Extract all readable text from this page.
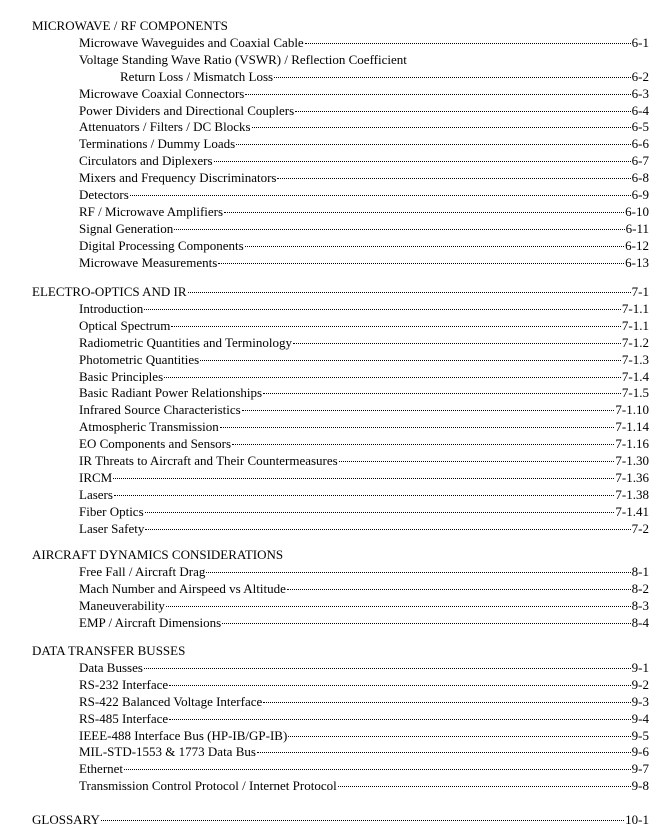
MICROWAVE / RF COMPONENTS
Microwave Waveguides and Coaxial Cable	6-1
Voltage Standing Wave Ratio (VSWR) / Reflection Coefficient
Return Loss / Mismatch Loss	6-2
Microwave Coaxial Connectors	6-3
Power Dividers and Directional Couplers	6-4
Attenuators / Filters / DC Blocks	6-5
Terminations / Dummy Loads	6-6
Circulators and Diplexers	6-7
Mixers and Frequency Discriminators	6-8
Detectors	6-9
RF / Microwave Amplifiers	6-10
Signal Generation	6-11
Digital Processing Components	6-12
Microwave Measurements	6-13
ELECTRO-OPTICS AND IR	7-1
Introduction	7-1.1
Optical Spectrum	7-1.1
Radiometric Quantities and Terminology	7-1.2
Photometric Quantities	7-1.3
Basic Principles	7-1.4
Basic Radiant Power Relationships	7-1.5
Infrared Source Characteristics	7-1.10
Atmospheric Transmission	7-1.14
EO Components and Sensors	7-1.16
IR Threats to Aircraft and Their Countermeasures	7-1.30
IRCM	7-1.36
Lasers	7-1.38
Fiber Optics	7-1.41
Laser Safety	7-2
AIRCRAFT DYNAMICS CONSIDERATIONS
Free Fall / Aircraft Drag	8-1
Mach Number and Airspeed vs Altitude	8-2
Maneuverability	8-3
EMP / Aircraft Dimensions	8-4
DATA TRANSFER BUSSES
Data Busses	9-1
RS-232 Interface	9-2
RS-422 Balanced Voltage Interface	9-3
RS-485 Interface	9-4
IEEE-488 Interface Bus (HP-IB/GP-IB)	9-5
MIL-STD-1553 & 1773 Data Bus	9-6
Ethernet	9-7
Transmission Control Protocol / Internet Protocol	9-8
GLOSSARY	10-1
